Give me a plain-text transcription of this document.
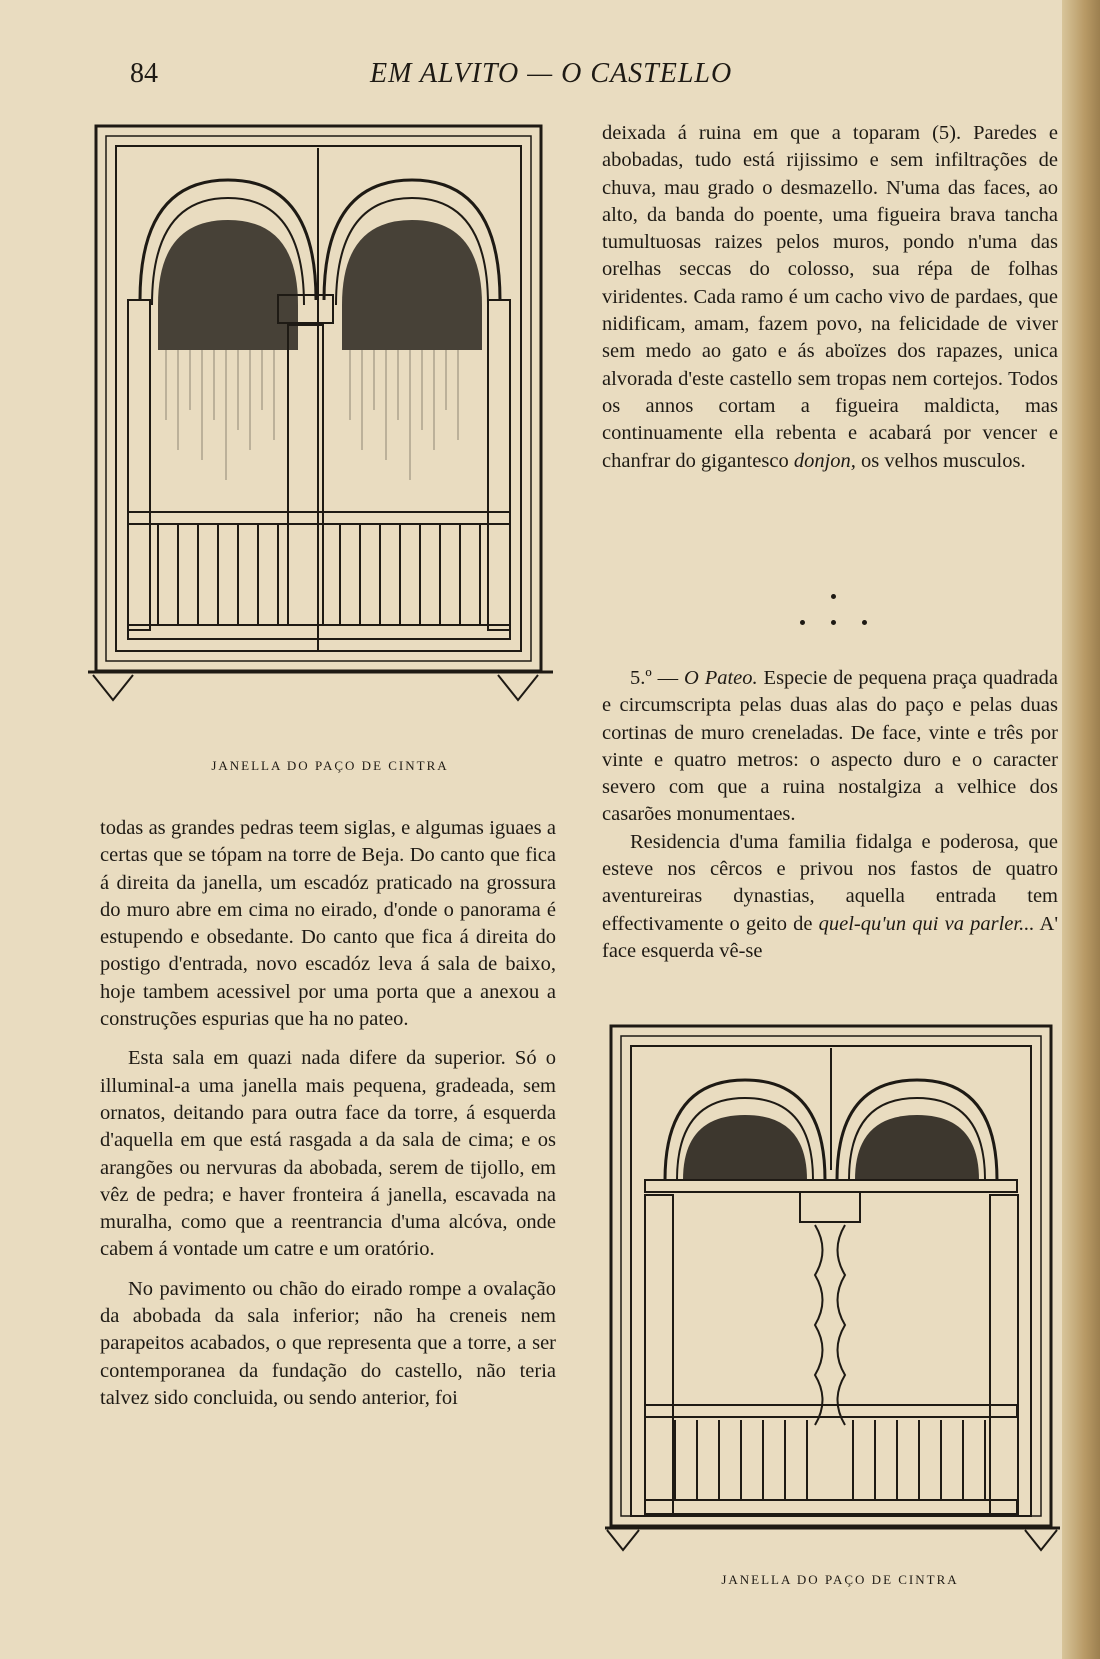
84	EM ALVITO — O CASTELLO
JANELLA DO PAÇO DE CINTRA

deixada á ruina em que a toparam (5). Paredes e abobadas, tudo está rijissimo e sem infiltrações de chuva, mau grado o desmazello. N'uma das faces, ao alto, da banda do poente, uma figueira brava tancha tumultuosas raizes pelos muros, pondo n'uma das orelhas seccas do colosso, sua répa de folhas viridentes. Cada ramo é um cacho vivo de pardaes, que nidificam, amam, fazem povo, na felicidade de viver sem medo ao gato e ás aboïzes dos rapazes, unica alvorada d'este castello sem tropas nem cortejos. Todos os annos cortam a figueira maldicta, mas continuamente ella rebenta e acabará por vencer e chanfrar do gigantesco donjon, os velhos musculos.

5.º — O Pateo. Especie de pequena praça quadrada e circumscripta pelas duas alas do paço e pelas duas cortinas de muro creneladas. De face, vinte e três por vinte e quatro metros: o aspecto duro e o caracter severo com que a ruina nostalgiza a velhice dos casarões monumentaes.

Residencia d'uma familia fidalga e poderosa, que esteve nos cêrcos e privou nos fastos de quatro aventureiras dynastias, aquella entrada tem effectivamente o geito de quel-qu'un qui va parler... A' face esquerda vê-se

todas as grandes pedras teem siglas, e algumas iguaes a certas que se tópam na torre de Beja. Do canto que fica á direita da janella, um escadóz praticado na grossura do muro abre em cima no eirado, d'onde o panorama é estupendo e obsedante. Do canto que fica á direita do postigo d'entrada, novo escadóz leva á sala de baixo, hoje tambem acessivel por uma porta que a anexou a construções espurias que ha no pateo.

Esta sala em quazi nada difere da superior. Só o illuminal-a uma janella mais pequena, gradeada, sem ornatos, deitando para outra face da torre, á esquerda d'aquella em que está rasgada a da sala de cima; e os arangões ou nervuras da abobada, serem de tijollo, em vêz de pedra; e haver fronteira á janella, escavada na muralha, como que a reentrancia d'uma alcóva, onde cabem á vontade um catre e um oratório.

No pavimento ou chão do eirado rompe a ovalação da abobada da sala inferior; não ha creneis nem parapeitos acabados, o que representa que a torre, a ser contemporanea da fundação do castello, não teria talvez sido concluida, ou sendo anterior, foi

JANELLA DO PAÇO DE CINTRA
